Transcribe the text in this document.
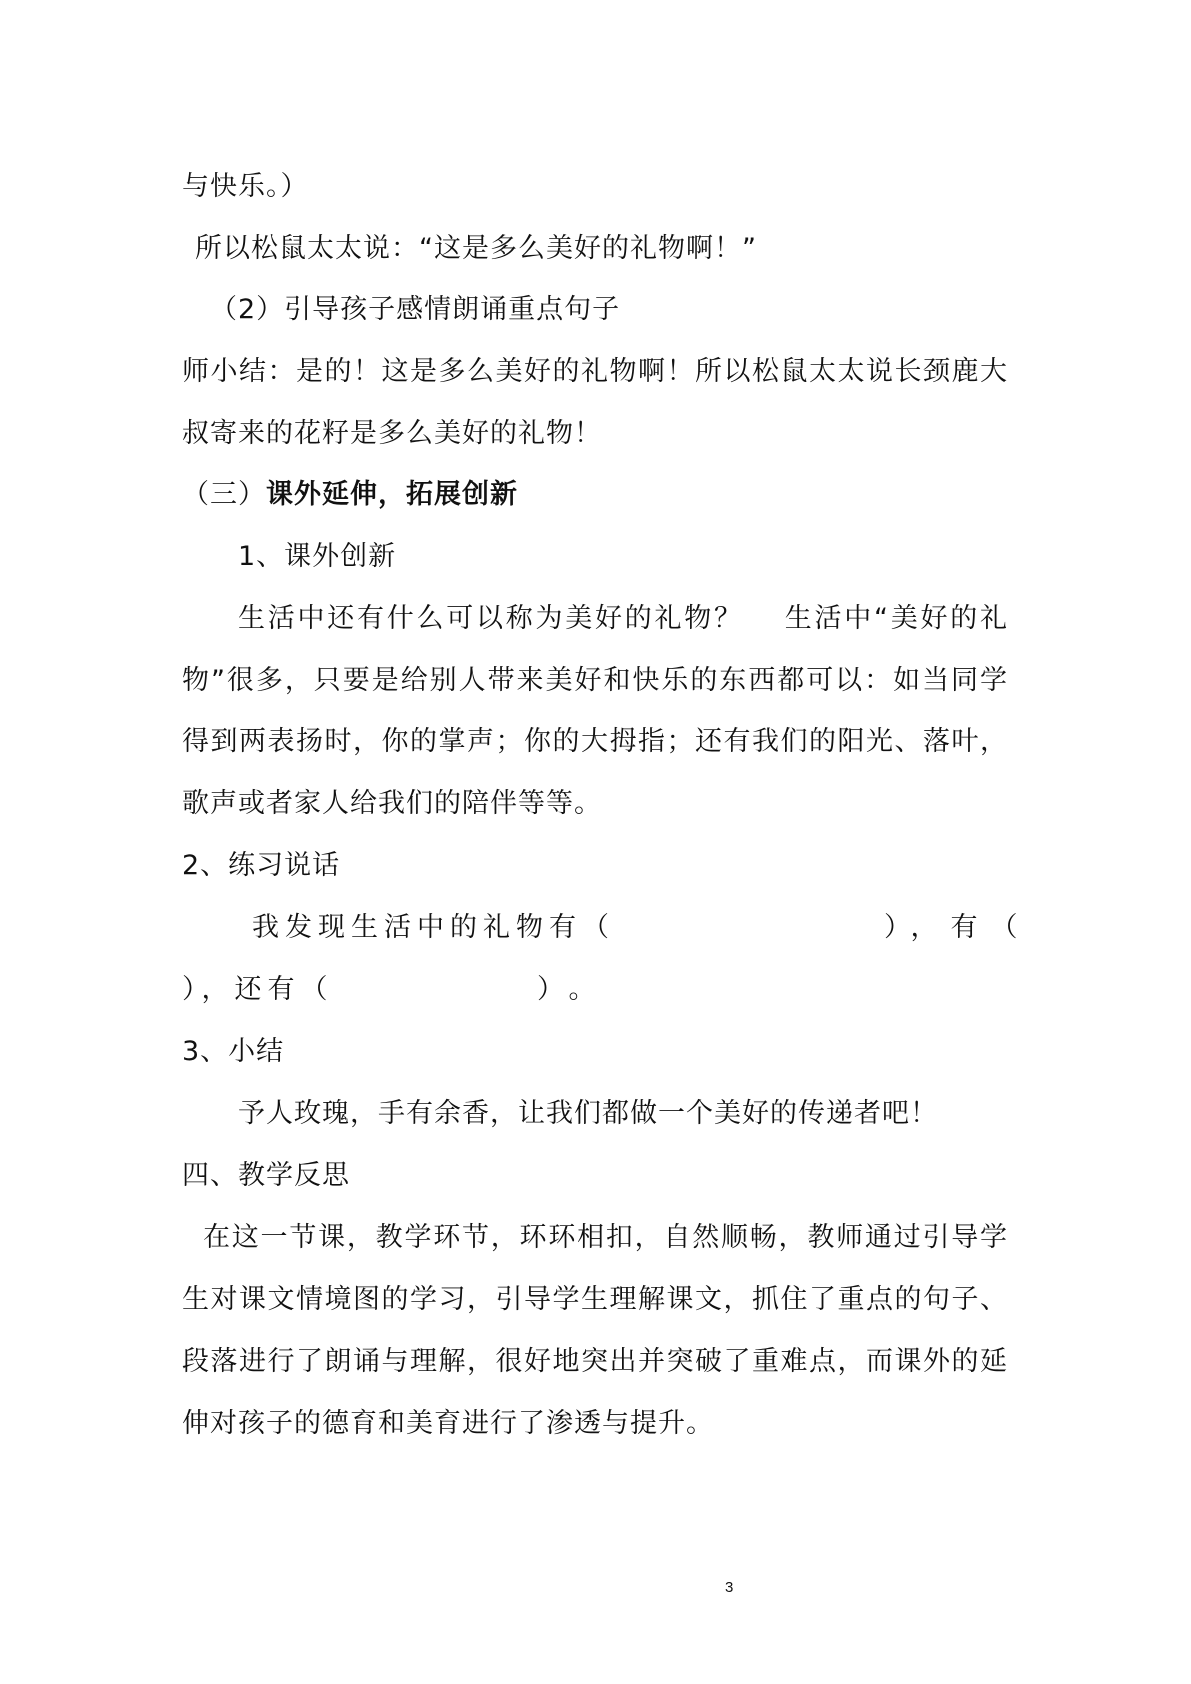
与快乐。）
所以松鼠太太说：“这是多么美好的礼物啊！”
（2）引导孩子感情朗诵重点句子
师小结：是的！这是多么美好的礼物啊！所以松鼠太太说长颈鹿大
叔寄来的花籽是多么美好的礼物！
（三）课外延伸，拓展创新
1、课外创新
生活中还有什么可以称为美好的礼物？　 生活中“美好的礼
物”很多，只要是给别人带来美好和快乐的东西都可以：如当同学
得到两表扬时，你的掌声；你的大拇指；还有我们的阳光、落叶，
歌声或者家人给我们的陪伴等等。
2、练习说话
我发现生活中的礼物有（	），有（
），还有（	）。
3、小结
予人玫瑰，手有余香，让我们都做一个美好的传递者吧！
四、教学反思
在这一节课，教学环节，环环相扣，自然顺畅，教师通过引导学
生对课文情境图的学习，引导学生理解课文，抓住了重点的句子、
段落进行了朗诵与理解，很好地突出并突破了重难点，而课外的延
伸对孩子的德育和美育进行了渗透与提升。
3
